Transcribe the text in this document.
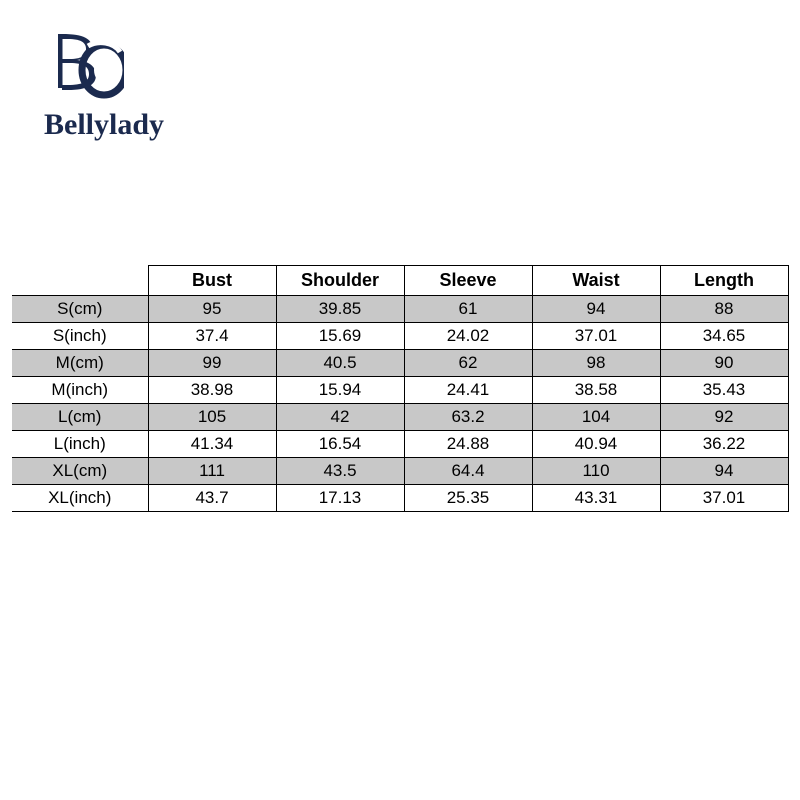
Bellylady
	Bust	Shoulder	Sleeve	Waist	Length
S(cm)	95	39.85	61	94	88
S(inch)	37.4	15.69	24.02	37.01	34.65
M(cm)	99	40.5	62	98	90
M(inch)	38.98	15.94	24.41	38.58	35.43
L(cm)	105	42	63.2	104	92
L(inch)	41.34	16.54	24.88	40.94	36.22
XL(cm)	111	43.5	64.4	110	94
XL(inch)	43.7	17.13	25.35	43.31	37.01
